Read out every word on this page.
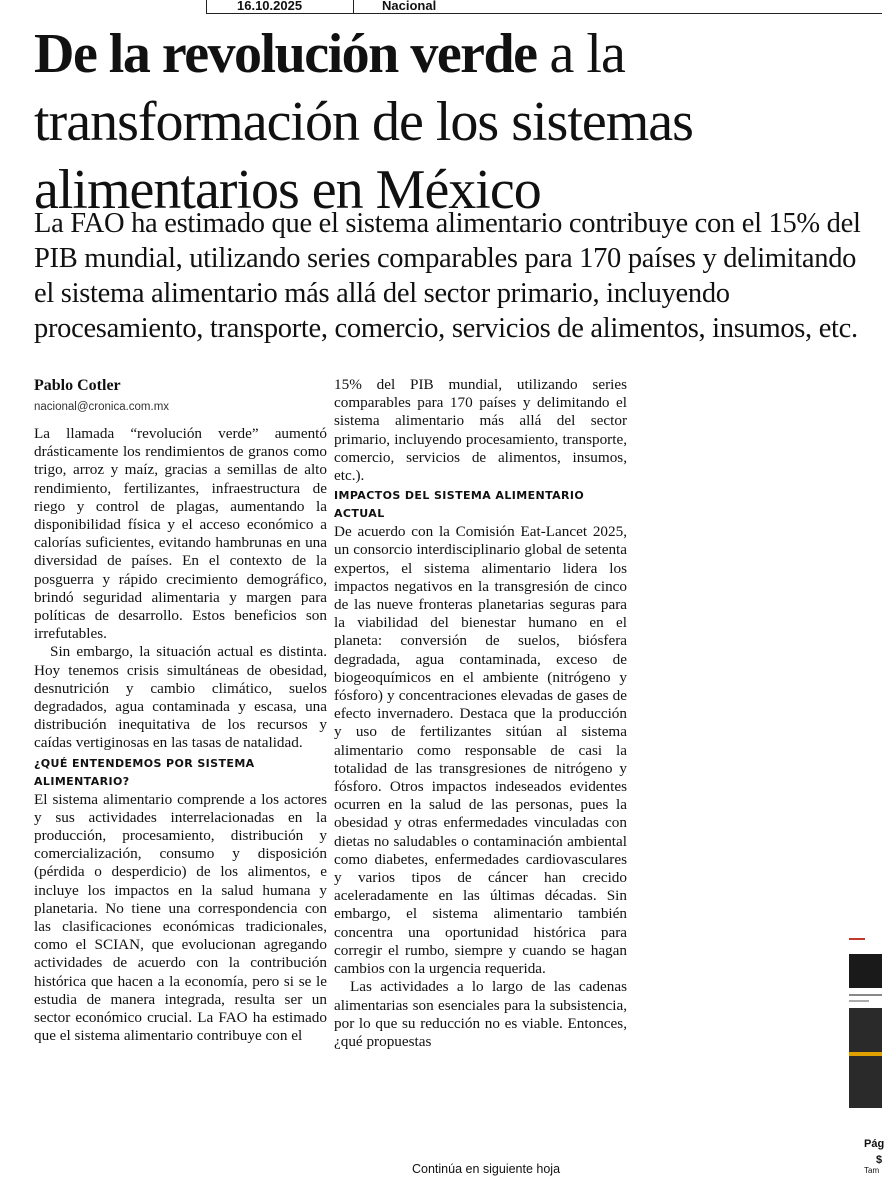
16.10.2025	Nacional
De la revolución verde a la transformación de los sistemas alimentarios en México

La FAO ha estimado que el sistema alimentario contribuye con el 15% del PIB mundial, utilizando series comparables para 170 países y delimitando el sistema alimentario más allá del sector primario, incluyendo procesamiento, transporte, comercio, servicios de alimentos, insumos, etc.

Pablo Cotler
nacional@cronica.com.mx

La llamada “revolución verde” aumentó drásticamente los rendimientos de granos como trigo, arroz y maíz, gracias a semillas de alto rendimiento, fertilizantes, infraestructura de riego y control de plagas, aumentando la disponibilidad física y el acceso económico a calorías suficientes, evitando hambrunas en una diversidad de países. En el contexto de la posguerra y rápido crecimiento demográfico, brindó seguridad alimentaria y margen para políticas de desarrollo. Estos beneficios son irrefutables.

Sin embargo, la situación actual es distinta. Hoy tenemos crisis simultáneas de obesidad, desnutrición y cambio climático, suelos degradados, agua contaminada y escasa, una distribución inequitativa de los recursos y caídas vertiginosas en las tasas de natalidad.

¿QUÉ ENTENDEMOS POR SISTEMA ALIMENTARIO?

El sistema alimentario comprende a los actores y sus actividades interrelacionadas en la producción, procesamiento, distribución y comercialización, consumo y disposición (pérdida o desperdicio) de los alimentos, e incluye los impactos en la salud humana y planetaria. No tiene una correspondencia con las clasificaciones económicas tradicionales, como el SCIAN, que evolucionan agregando actividades de acuerdo con la contribución histórica que hacen a la economía, pero si se le estudia de manera integrada, resulta ser un sector económico crucial. La FAO ha estimado que el sistema alimentario contribuye con el

15% del PIB mundial, utilizando series comparables para 170 países y delimitando el sistema alimentario más allá del sector primario, incluyendo procesamiento, transporte, comercio, servicios de alimentos, insumos, etc.).

IMPACTOS DEL SISTEMA ALIMENTARIO ACTUAL

De acuerdo con la Comisión Eat-Lancet 2025, un consorcio interdisciplinario global de setenta expertos, el sistema alimentario lidera los impactos negativos en la transgresión de cinco de las nueve fronteras planetarias seguras para la viabilidad del bienestar humano en el planeta: conversión de suelos, biósfera degradada, agua contaminada, exceso de biogeoquímicos en el ambiente (nitrógeno y fósforo) y concentraciones elevadas de gases de efecto invernadero. Destaca que la producción y uso de fertilizantes sitúan al sistema alimentario como responsable de casi la totalidad de las transgresiones de nitrógeno y fósforo. Otros impactos indeseados evidentes ocurren en la salud de las personas, pues la obesidad y otras enfermedades vinculadas con dietas no saludables o contaminación ambiental como diabetes, enfermedades cardiovasculares y varios tipos de cáncer han crecido aceleradamente en las últimas décadas. Sin embargo, el sistema alimentario también concentra una oportunidad histórica para corregir el rumbo, siempre y cuando se hagan cambios con la urgencia requerida.

Las actividades a lo largo de las cadenas alimentarias son esenciales para la subsistencia, por lo que su reducción no es viable. Entonces, ¿qué propuestas

Continúa en siguiente hoja
Pág
$
Tam
